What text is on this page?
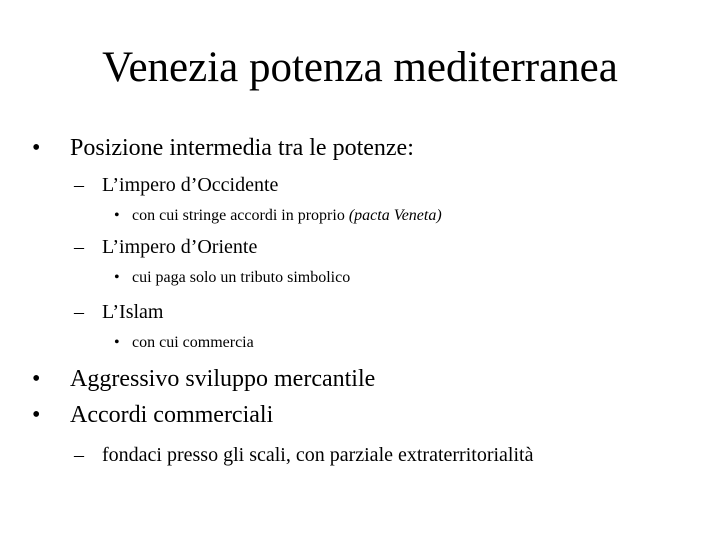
Venezia potenza mediterranea
• Posizione intermedia tra le potenze:
– L’impero d’Occidente
• con cui stringe accordi in proprio (pacta Veneta)
– L’impero d’Oriente
• cui paga solo un tributo simbolico
– L’Islam
• con cui commercia
• Aggressivo sviluppo mercantile
• Accordi commerciali
– fondaci presso gli scali, con parziale extraterritorialità
